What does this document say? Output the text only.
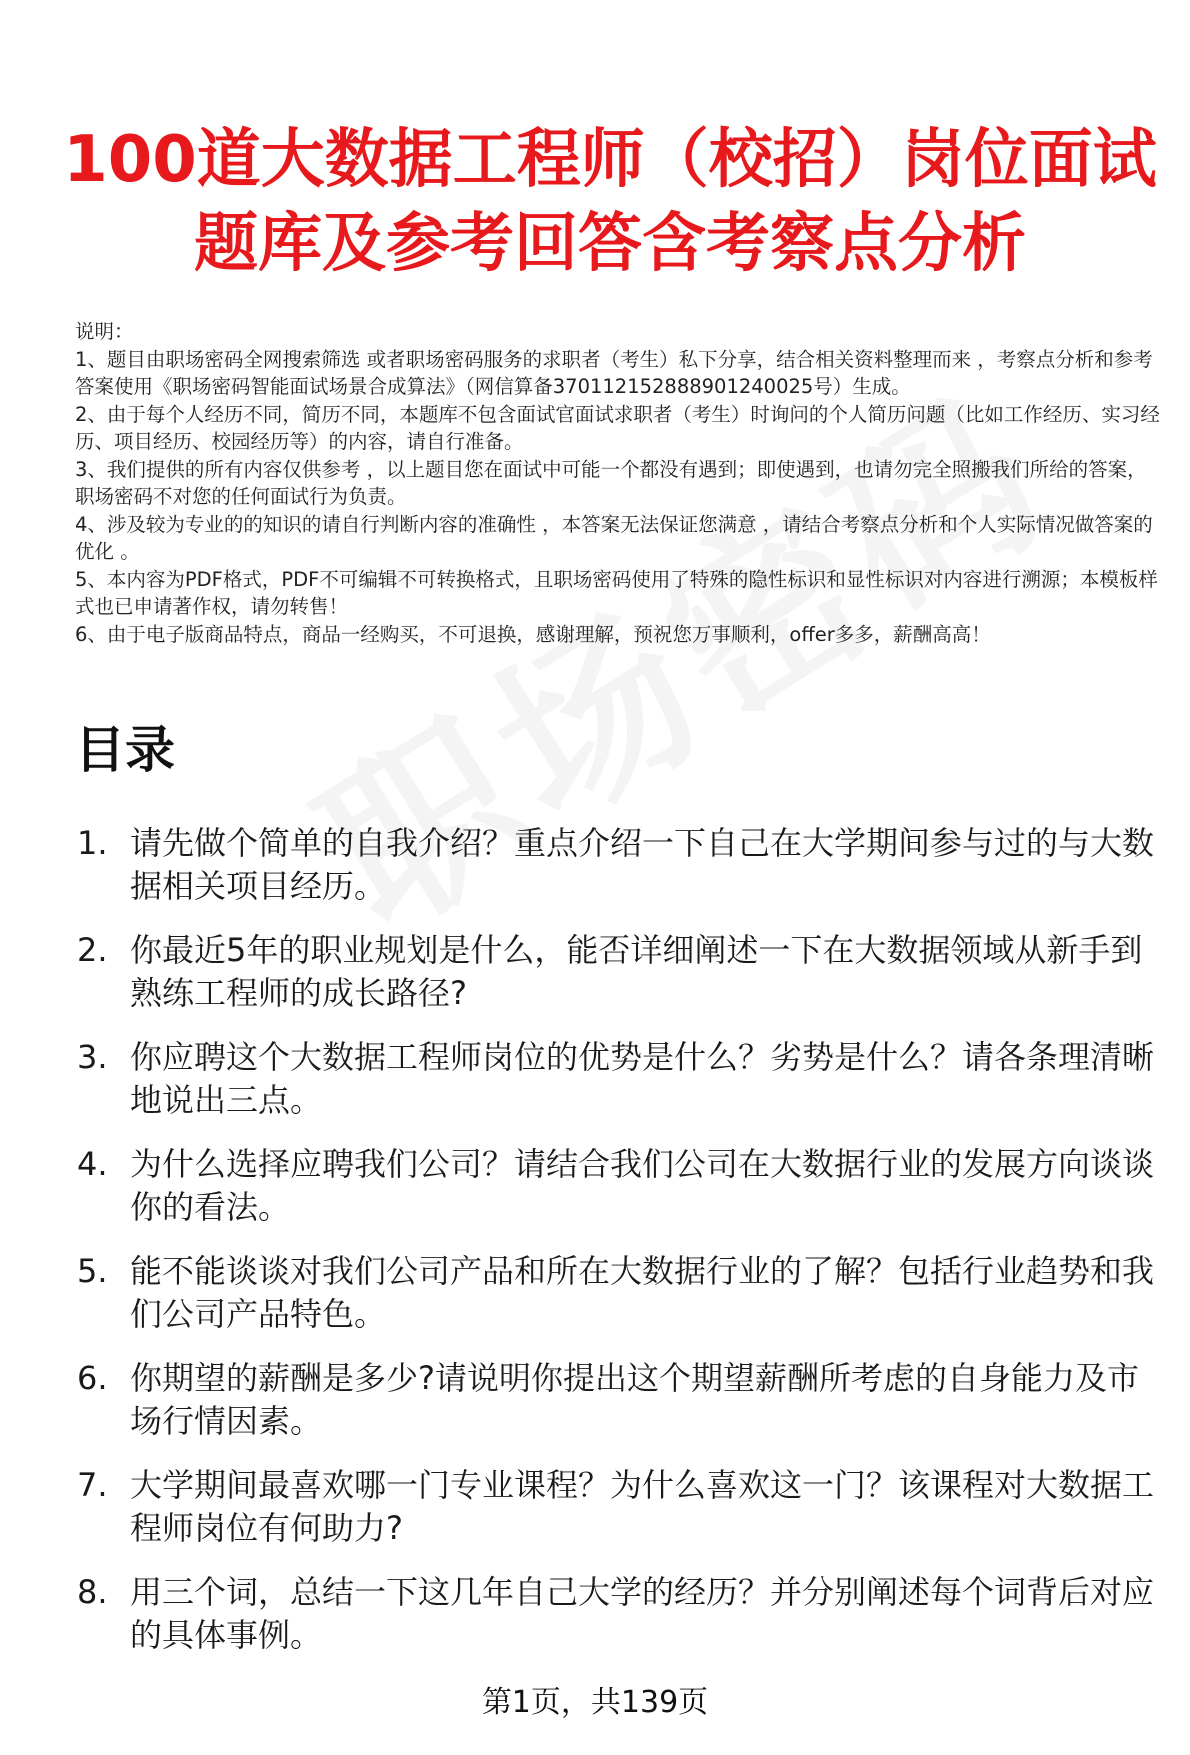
100道大数据工程师（校招）岗位面试题库及参考回答含考察点分析

说明：

1、题目由职场密码全网搜索筛选 或者职场密码服务的求职者（考生）私下分享，结合相关资料整理而来 ，考察点分析和参考答案使用《职场密码智能面试场景合成算法》（网信算备370112152888901240025号）生成。

2、由于每个人经历不同，简历不同，本题库不包含面试官面试求职者（考生）时询问的个人简历问题（比如工作经历、实习经历、项目经历、校园经历等）的内容，请自行准备。

3、我们提供的所有内容仅供参考 ，以上题目您在面试中可能一个都没有遇到；即使遇到，也请勿完全照搬我们所给的答案，职场密码不对您的任何面试行为负责。

4、涉及较为专业的的知识的请自行判断内容的准确性 ，本答案无法保证您满意 ，请结合考察点分析和个人实际情况做答案的优化 。

5、本内容为PDF格式，PDF不可编辑不可转换格式，且职场密码使用了特殊的隐性标识和显性标识对内容进行溯源；本模板样式也已申请著作权，请勿转售！

6、由于电子版商品特点，商品一经购买，不可退换，感谢理解，预祝您万事顺利，offer多多，薪酬高高！

目录
1. 请先做个简单的自我介绍？重点介绍一下自己在大学期间参与过的与大数据相关项目经历。
2. 你最近5年的职业规划是什么，能否详细阐述一下在大数据领域从新手到熟练工程师的成长路径?
3. 你应聘这个大数据工程师岗位的优势是什么？劣势是什么？请各条理清晰地说出三点。
4. 为什么选择应聘我们公司？请结合我们公司在大数据行业的发展方向谈谈你的看法。
5. 能不能谈谈对我们公司产品和所在大数据行业的了解？包括行业趋势和我们公司产品特色。
6. 你期望的薪酬是多少?请说明你提出这个期望薪酬所考虑的自身能力及市场行情因素。
7. 大学期间最喜欢哪一门专业课程？为什么喜欢这一门？该课程对大数据工程师岗位有何助力?
8. 用三个词，总结一下这几年自己大学的经历？并分别阐述每个词背后对应的具体事例。
第1页，共139页
